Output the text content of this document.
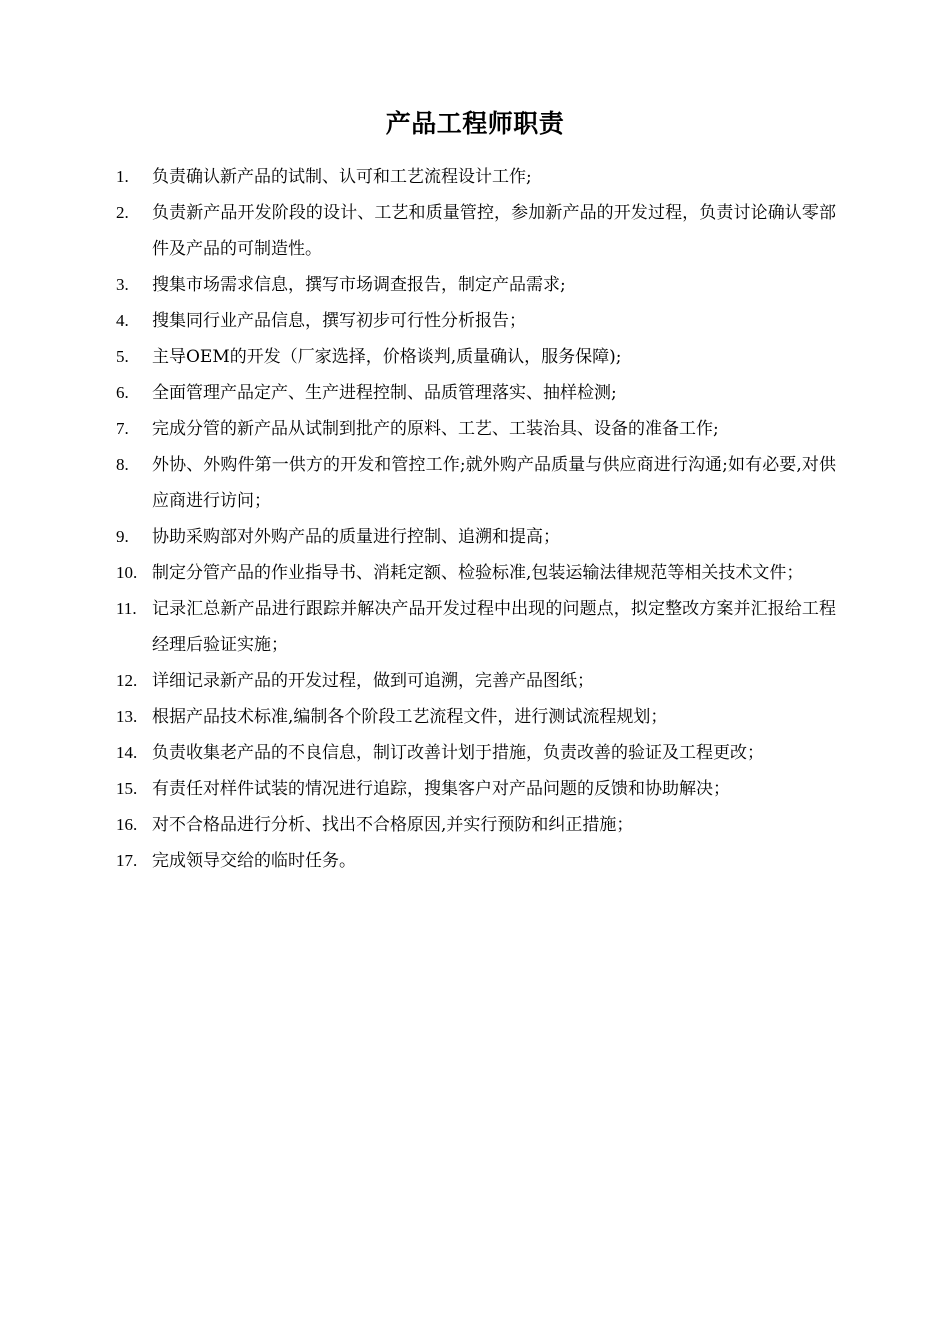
产品工程师职责
1. 负责确认新产品的试制、认可和工艺流程设计工作;
2. 负责新产品开发阶段的设计、工艺和质量管控，参加新产品的开发过程，负责讨论确认零部件及产品的可制造性。
3. 搜集市场需求信息，撰写市场调查报告，制定产品需求;
4. 搜集同行业产品信息，撰写初步可行性分析报告；
5. 主导OEM的开发（厂家选择，价格谈判,质量确认，服务保障);
6. 全面管理产品定产、生产进程控制、品质管理落实、抽样检测;
7. 完成分管的新产品从试制到批产的原料、工艺、工装治具、设备的准备工作;
8. 外协、外购件第一供方的开发和管控工作;就外购产品质量与供应商进行沟通;如有必要,对供应商进行访问；
9. 协助采购部对外购产品的质量进行控制、追溯和提高；
10. 制定分管产品的作业指导书、消耗定额、检验标准,包装运输法律规范等相关技术文件；
11. 记录汇总新产品进行跟踪并解决产品开发过程中出现的问题点，拟定整改方案并汇报给工程经理后验证实施；
12. 详细记录新产品的开发过程，做到可追溯，完善产品图纸；
13. 根据产品技术标准,编制各个阶段工艺流程文件，进行测试流程规划；
14. 负责收集老产品的不良信息，制订改善计划于措施，负责改善的验证及工程更改；
15. 有责任对样件试装的情况进行追踪，搜集客户对产品问题的反馈和协助解决；
16. 对不合格品进行分析、找出不合格原因,并实行预防和纠正措施；
17. 完成领导交给的临时任务。
